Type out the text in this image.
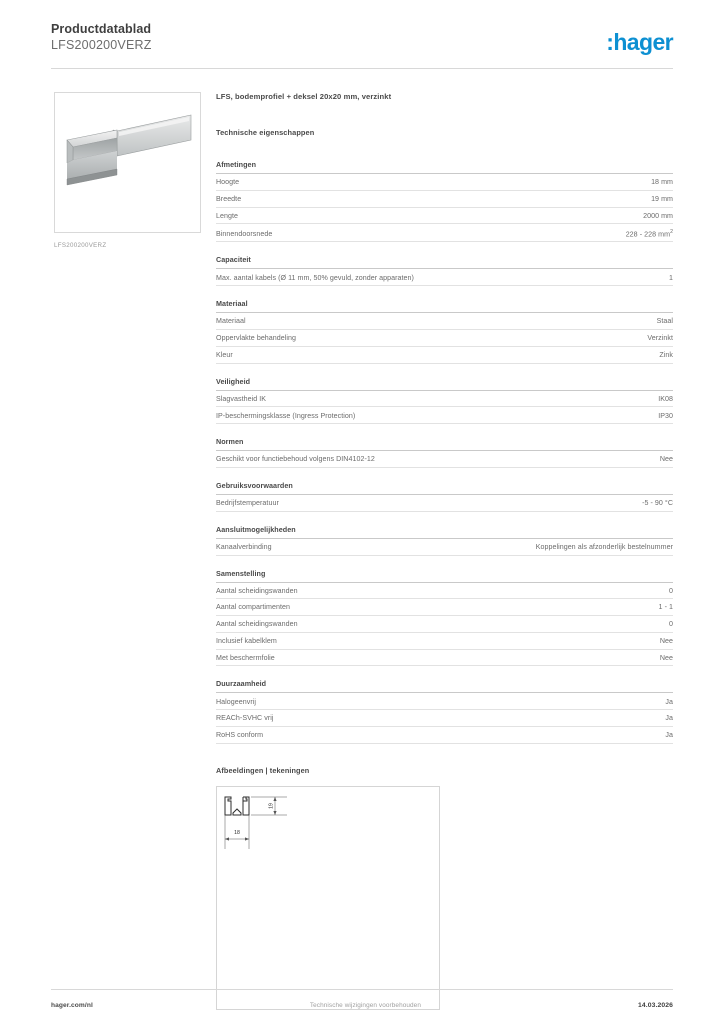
Productdatablad
LFS200200VERZ	:hager
LFS200200VERZ
LFS, bodemprofiel + deksel 20x20 mm, verzinkt
Technische eigenschappen
Afmetingen
Hoogte	18 mm
Breedte	19 mm
Lengte	2000 mm
Binnendoorsnede	228 - 228 $mm^2$
Capaciteit
Max. aantal kabels (Ø 11 mm, 50% gevuld, zonder apparaten)	1
Materiaal
Materiaal	Staal
Oppervlakte behandeling	Verzinkt
Kleur	Zink
Veiligheid
Slagvastheid IK	IK08
IP-beschermingsklasse (Ingress Protection)	IP30
Normen
Geschikt voor functiebehoud volgens DIN4102-12	Nee
Gebruiksvoorwaarden
Bedrijfstemperatuur	-5 - 90 °C
Aansluitmogelijkheden
Kanaalverbinding	Koppelingen als afzonderlijk bestelnummer
Samenstelling
Aantal scheidingswanden	0
Aantal compartimenten	1 - 1
Aantal scheidingswanden	0
Inclusief kabelklem	Nee
Met beschermfolie	Nee
Duurzaamheid
Halogeenvrij	Ja
REACh-SVHC vrij	Ja
RoHS conform	Ja
Afbeeldingen | tekeningen
19
18
hager.com/nl	Technische wijzigingen voorbehouden	14.03.2026
